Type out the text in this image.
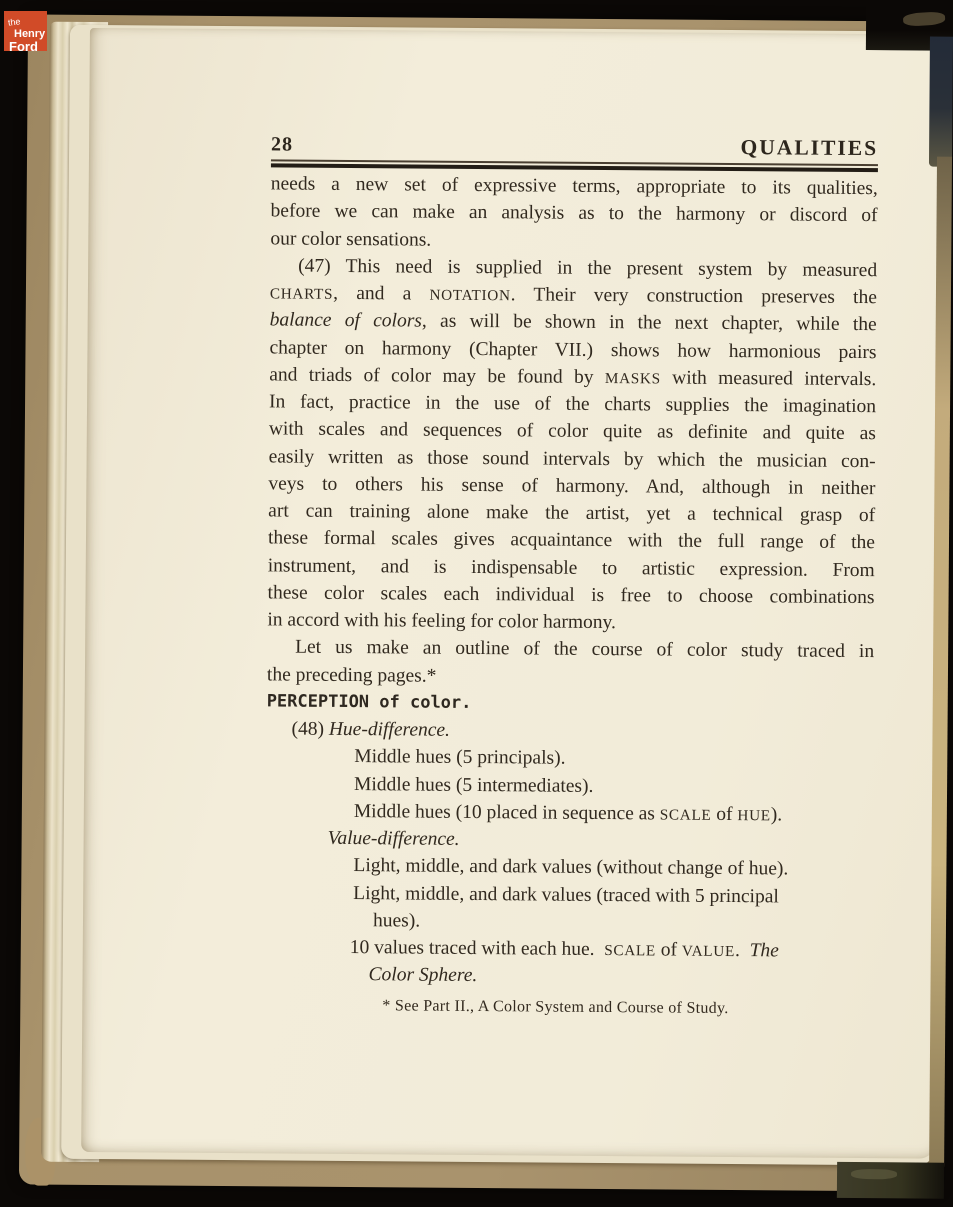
28	QUALITIES
needs a new set of expressive terms, appropriate to its qualities,
before we can make an analysis as to the harmony or discord of
our color sensations.
(47) This need is supplied in the present system by measured
CHARTS, and a NOTATION. Their very construction preserves the
balance of colors, as will be shown in the next chapter, while the
chapter on harmony (Chapter VII.) shows how harmonious pairs
and triads of color may be found by MASKS with measured intervals.
In fact, practice in the use of the charts supplies the imagination
with scales and sequences of color quite as definite and quite as
easily written as those sound intervals by which the musician con-
veys to others his sense of harmony. And, although in neither
art can training alone make the artist, yet a technical grasp of
these formal scales gives acquaintance with the full range of the
instrument, and is indispensable to artistic expression. From
these color scales each individual is free to choose combinations
in accord with his feeling for color harmony.
Let us make an outline of the course of color study traced in
the preceding pages.*
PERCEPTION of color.
(48) Hue-difference.
Middle hues (5 principals).
Middle hues (5 intermediates).
Middle hues (10 placed in sequence as SCALE of HUE).
Value-difference.
Light, middle, and dark values (without change of hue).
Light, middle, and dark values (traced with 5 principal
hues).
10 values traced with each hue.  SCALE of VALUE.  The
Color Sphere.
* See Part II., A Color System and Course of Study.
the
Henry
Ford
